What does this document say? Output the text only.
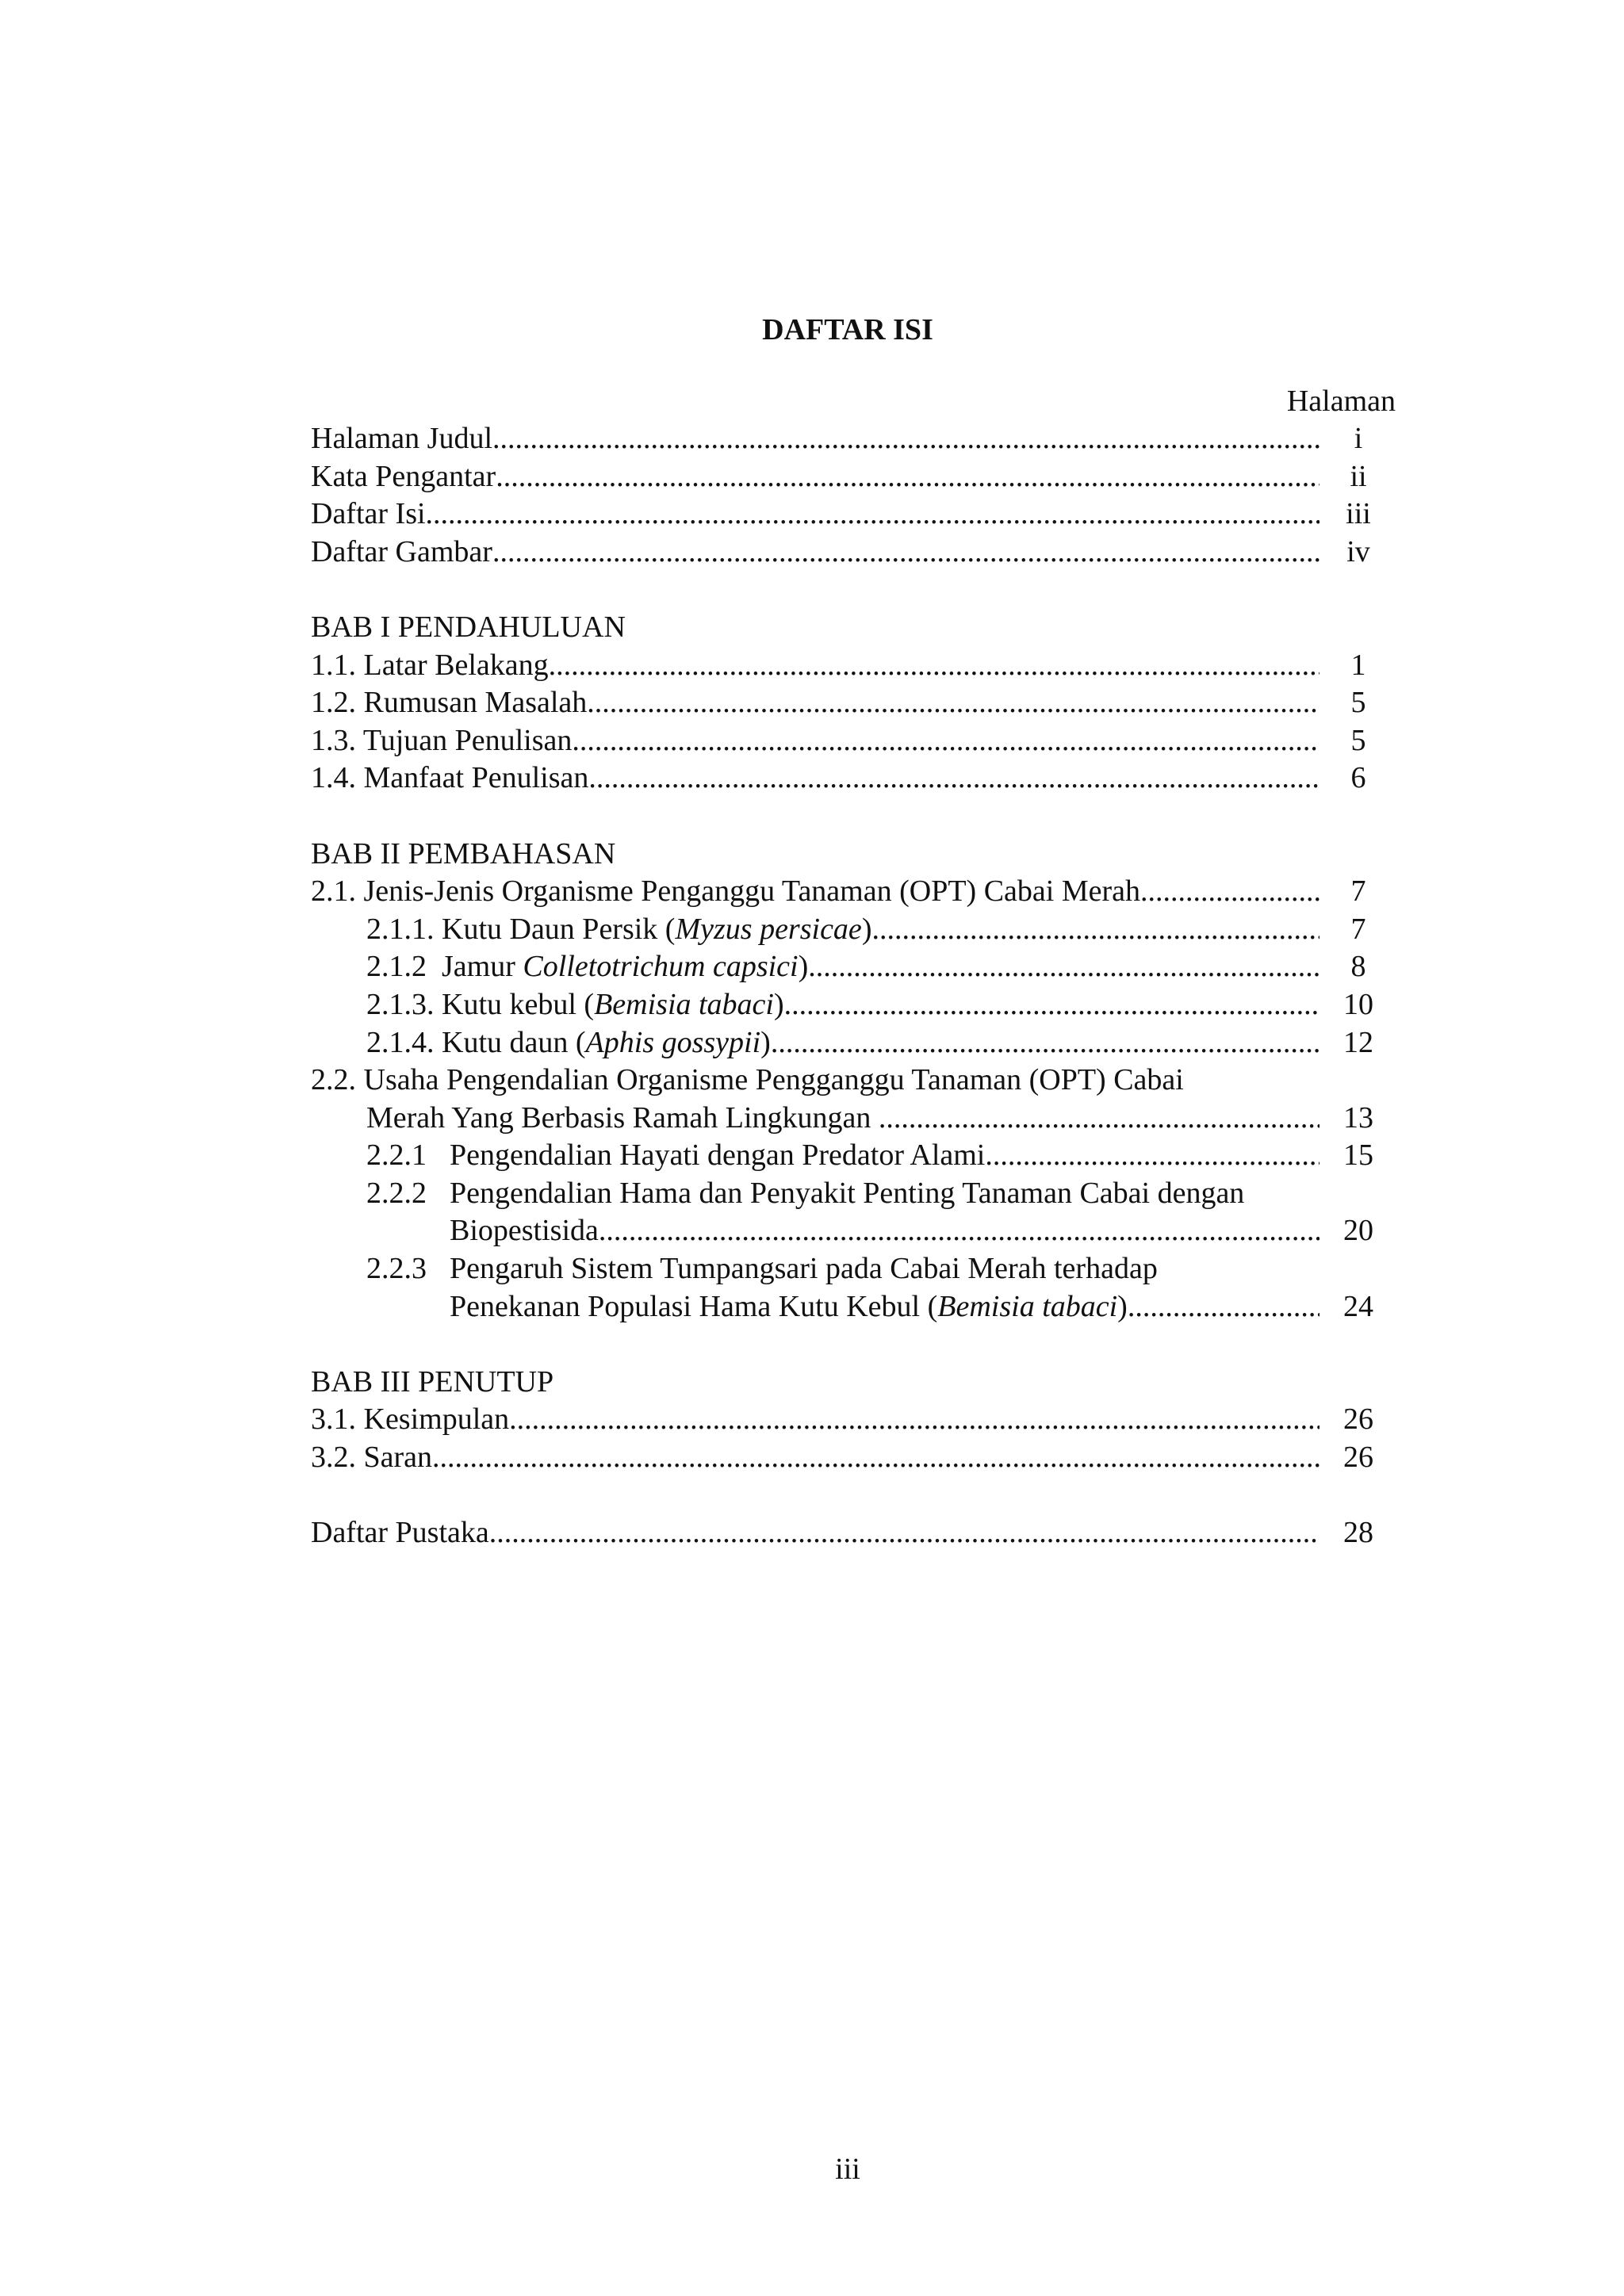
DAFTAR ISI
Halaman
Halaman Judul .....	i
Kata Pengantar .....	ii
Daftar Isi .....	iii
Daftar Gambar .....	iv
BAB I PENDAHULUAN
1.1. Latar Belakang .....	1
1.2. Rumusan Masalah .....	5
1.3. Tujuan Penulisan .....	5
1.4. Manfaat Penulisan .....	6
BAB II PEMBAHASAN
2.1. Jenis-Jenis Organisme Penganggu Tanaman (OPT) Cabai Merah .....	7
2.1.1. Kutu Daun Persik (Myzus persicae) .....	7
2.1.2  Jamur Colletotrichum capsici) .....	8
2.1.3. Kutu kebul (Bemisia tabaci) .....	10
2.1.4. Kutu daun (Aphis gossypii) .....	12
2.2. Usaha Pengendalian Organisme Pengganggu Tanaman (OPT) Cabai
Merah Yang Berbasis Ramah Lingkungan .....	13
2.2.1 Pengendalian Hayati dengan Predator Alami .....	15
2.2.2 Pengendalian Hama dan Penyakit Penting Tanaman Cabai dengan
Biopestisida .....	20
2.2.3 Pengaruh Sistem Tumpangsari pada Cabai Merah terhadap
Penekanan Populasi Hama Kutu Kebul (Bemisia tabaci) .....	24
BAB III PENUTUP
3.1. Kesimpulan .....	26
3.2. Saran .....	26
Daftar Pustaka .....	28
iii
